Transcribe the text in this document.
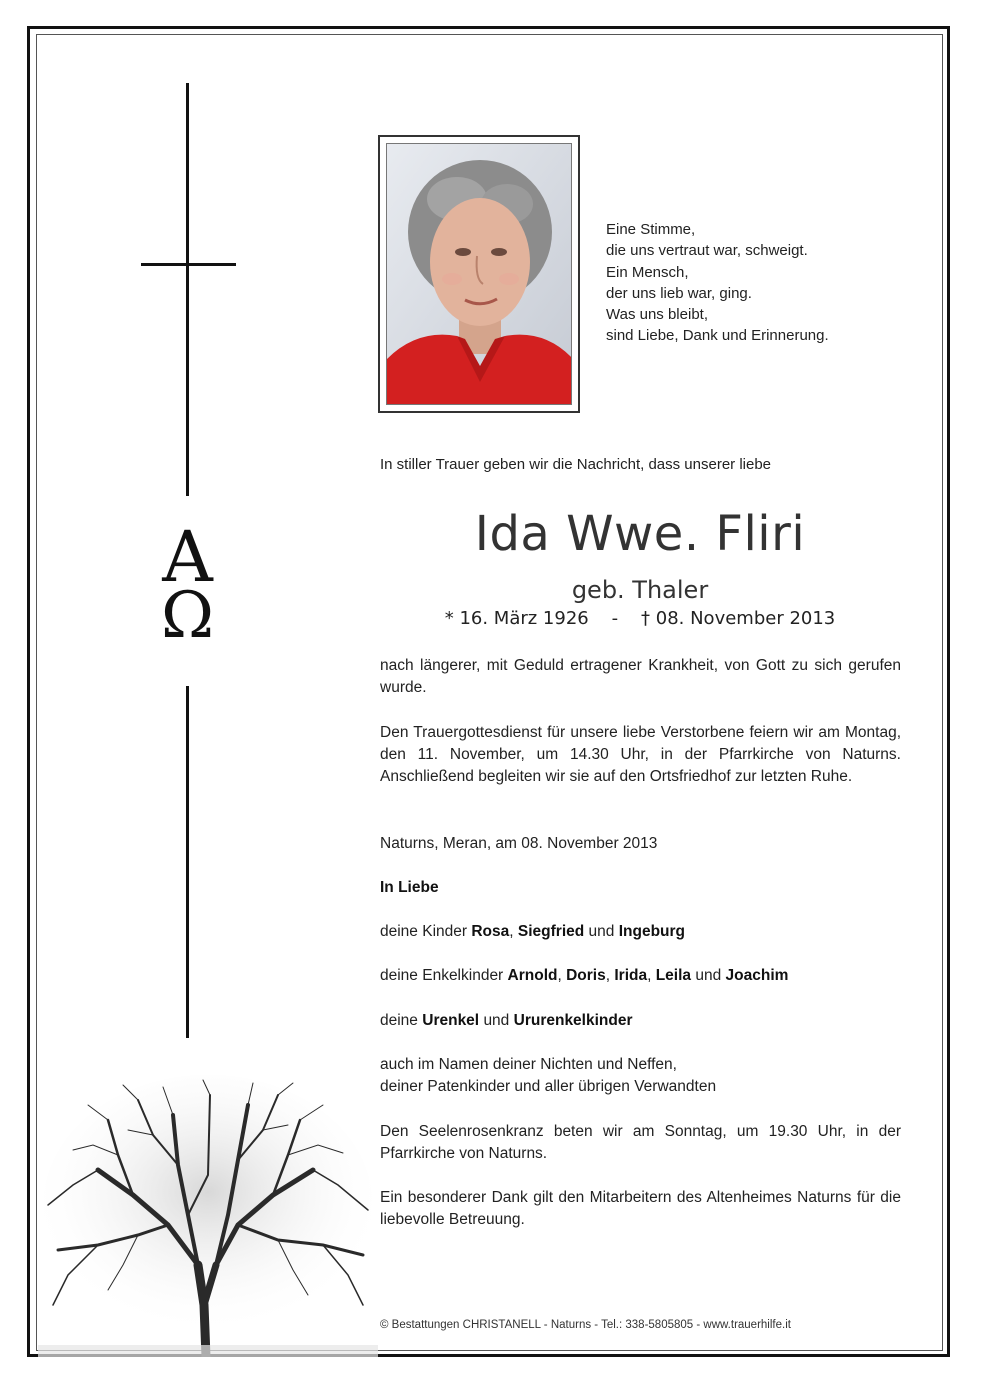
A
Ω
Eine Stimme,
die uns vertraut war, schweigt.
Ein Mensch,
der uns lieb war, ging.
Was uns bleibt,
sind Liebe, Dank und Erinnerung.
In stiller Trauer geben wir die Nachricht, dass unserer liebe
Ida Wwe. Fliri
geb. Thaler
* 16. März 1926 - † 08. November 2013
nach längerer, mit Geduld ertragener Krankheit, von Gott zu sich gerufen wurde.
Den Trauergottesdienst für unsere liebe Verstorbene feiern wir am Montag, den 11. November, um 14.30 Uhr, in der Pfarrkirche von Naturns. Anschließend begleiten wir sie auf den Ortsfriedhof zur letzten Ruhe.
Naturns, Meran, am 08. November 2013
In Liebe
deine Kinder Rosa, Siegfried und Ingeburg
deine Enkelkinder Arnold, Doris, Irida, Leila und Joachim
deine Urenkel und Ururenkelkinder
auch im Namen deiner Nichten und Neffen,
deiner Patenkinder und aller übrigen Verwandten
Den Seelenrosenkranz beten wir am Sonntag, um 19.30 Uhr, in der Pfarrkirche von Naturns.
Ein besonderer Dank gilt den Mitarbeitern des Altenheimes Naturns für die liebevolle Betreuung.
© Bestattungen CHRISTANELL - Naturns - Tel.: 338-5805805 - www.trauerhilfe.it
